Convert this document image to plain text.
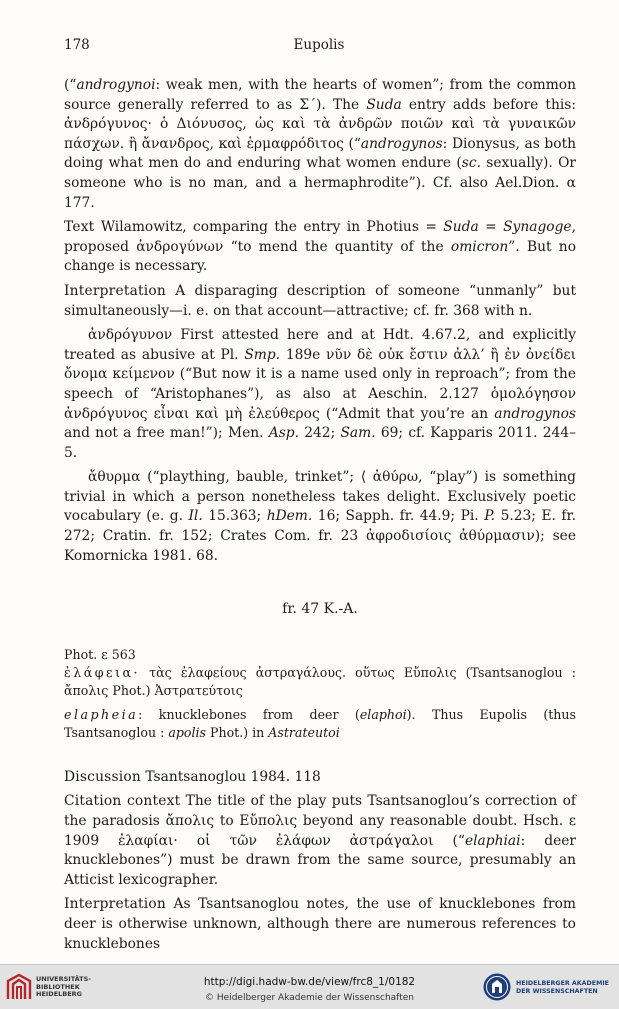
178	Eupolis

(“androgynoi: weak men, with the hearts of women”; from the common source generally referred to as Σ΄). The Suda entry adds before this: ἀνδρόγυνος· ὁ Διόνυσος, ὡς καὶ τὰ ἀνδρῶν ποιῶν καὶ τὰ γυναικῶν πάσχων. ἢ ἄνανδρος, καὶ ἑρμαφρόδιτος (“androgynos: Dionysus, as both doing what men do and enduring what women endure (sc. sexually). Or someone who is no man, and a hermaphrodite”). Cf. also Ael.Dion. α 177.

Text Wilamowitz, comparing the entry in Photius = Suda = Synagoge, proposed ἀνδρογύνων “to mend the quantity of the omicron”. But no change is necessary.

Interpretation A disparaging description of someone “unmanly” but simultaneously—i. e. on that account—attractive; cf. fr. 368 with n.

ἀνδρόγυνον First attested here and at Hdt. 4.67.2, and explicitly treated as abusive at Pl. Smp. 189e νῦν δὲ οὐκ ἔστιν ἀλλ’ ἢ ἐν ὀνείδει ὄνομα κείμενον (“But now it is a name used only in reproach”; from the speech of “Aristophanes”), as also at Aeschin. 2.127 ὁμολόγησον ἀνδρόγυνος εἶναι καὶ μὴ ἐλεύθερος (“Admit that you’re an androgynos and not a free man!”); Men. Asp. 242; Sam. 69; cf. Kapparis 2011. 244–5.

ἄθυρμα (“plaything, bauble, trinket”; ⟨ ἀθύρω, “play”) is something trivial in which a person nonetheless takes delight. Exclusively poetic vocabulary (e. g. Il. 15.363; hDem. 16; Sapph. fr. 44.9; Pi. P. 5.23; E. fr. 272; Cratin. fr. 152; Crates Com. fr. 23 ἀφροδισίοις ἀθύρμασιν); see Komornicka 1981. 68.

fr. 47 K.-A.

Phot. ε 563

ἐλάφεια· τὰς ἐλαφείους ἀστραγάλους. οὕτως Εὔπολις (Tsantsanoglou : ἄπολις Phot.) Ἀστρατεύτοις

elapheia: knucklebones from deer (elaphoi). Thus Eupolis (thus Tsantsanoglou : apolis Phot.) in Astrateutoi

Discussion Tsantsanoglou 1984. 118

Citation context The title of the play puts Tsantsanoglou’s correction of the paradosis ἄπολις to Εὔπολις beyond any reasonable doubt. Hsch. ε 1909 ἐλαφίαι· οἱ τῶν ἐλάφων ἀστράγαλοι (“elaphiai: deer knucklebones”) must be drawn from the same source, presumably an Atticist lexicographer.

Interpretation As Tsantsanoglou notes, the use of knucklebones from deer is otherwise unknown, although there are numerous references to knucklebones

UNIVERSITÄTS-
BIBLIOTHEK
HEIDELBERG
http://digi.hadw-bw.de/view/frc8_1/0182
© Heidelberger Akademie der Wissenschaften
HEIDELBERGER AKADEMIE
DER WISSENSCHAFTEN
